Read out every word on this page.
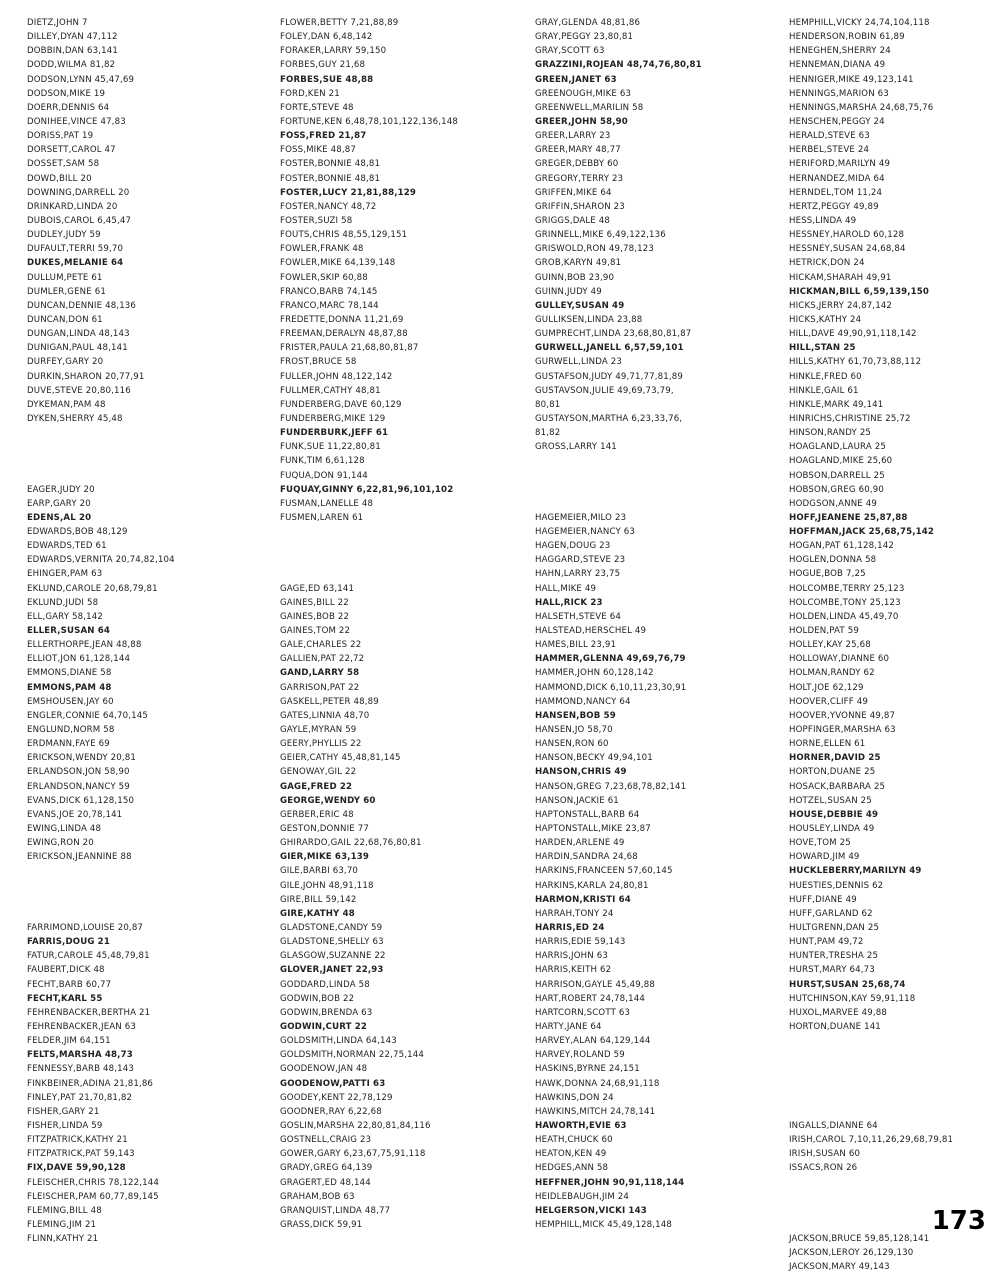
DIETZ,JOHN 7
DILLEY,DYAN 47,112
DOBBIN,DAN 63,141
DODD,WILMA 81,82
DODSON,LYNN 45,47,69
DODSON,MIKE 19
DOERR,DENNIS 64
DONIHEE,VINCE 47,83
DORISS,PAT 19
DORSETT,CAROL 47
DOSSET,SAM 58
DOWD,BILL 20
DOWNING,DARRELL 20
DRINKARD,LINDA 20
DUBOIS,CAROL 6,45,47
DUDLEY,JUDY 59
DUFAULT,TERRI 59,70
DUKES,MELANIE 64
DULLUM,PETE 61
DUMLER,GENE 61
DUNCAN,DENNIE 48,136
DUNCAN,DON 61
DUNGAN,LINDA 48,143
DUNIGAN,PAUL 48,141
DURFEY,GARY 20
DURKIN,SHARON 20,77,91
DUVE,STEVE 20,80,116
DYKEMAN,PAM 48
DYKEN,SHERRY 45,48
EAGER,JUDY 20
EARP,GARY 20
EDENS,AL 20
EDWARDS,BOB 48,129
EDWARDS,TED 61
EDWARDS,VERNITA 20,74,82,104
EHINGER,PAM 63
EKLUND,CAROLE 20,68,79,81
EKLUND,JUDI 58
ELL,GARY 58,142
ELLER,SUSAN 64
ELLERTHORPE,JEAN 48,88
ELLIOT,JON 61,128,144
EMMONS,DIANE 58
EMMONS,PAM 48
EMSHOUSEN,JAY 60
ENGLER,CONNIE 64,70,145
ENGLUND,NORM 58
ERDMANN,FAYE 69
ERICKSON,WENDY 20,81
ERLANDSON,JON 58,90
ERLANDSON,NANCY 59
EVANS,DICK 61,128,150
EVANS,JOE 20,78,141
EWING,LINDA 48
EWING,RON 20
ERICKSON,JEANNINE 88
FARRIMOND,LOUISE 20,87
FARRIS,DOUG 21
FATUR,CAROLE 45,48,79,81
FAUBERT,DICK 48
FECHT,BARB 60,77
FECHT,KARL 55
FEHRENBACKER,BERTHA 21
FEHRENBACKER,JEAN 63
FELDER,JIM 64,151
FELTS,MARSHA 48,73
FENNESSY,BARB 48,143
FINKBEINER,ADINA 21,81,86
FINLEY,PAT 21,70,81,82
FISHER,GARY 21
FISHER,LINDA 59
FITZPATRICK,KATHY 21
FITZPATRICK,PAT 59,143
FIX,DAVE 59,90,128
FLEISCHER,CHRIS 78,122,144
FLEISCHER,PAM 60,77,89,145
FLEMING,BILL 48
FLEMING,JIM 21
FLINN,KATHY 21
FLOWER,BETTY 7,21,88,89
FOLEY,DAN 6,48,142
FORAKER,LARRY 59,150
FORBES,GUY 21,68
FORBES,SUE 48,88
FORD,KEN 21
FORTE,STEVE 48
FORTUNE,KEN 6,48,78,101,122,136,148
FOSS,FRED 21,87
FOSS,MIKE 48,87
FOSTER,BONNIE 48,81
FOSTER,BONNIE 48,81
FOSTER,LUCY 21,81,88,129
FOSTER,NANCY 48,72
FOSTER,SUZI 58
FOUTS,CHRIS 48,55,129,151
FOWLER,FRANK 48
FOWLER,MIKE 64,139,148
FOWLER,SKIP 60,88
FRANCO,BARB 74,145
FRANCO,MARC 78,144
FREDETTE,DONNA 11,21,69
FREEMAN,DERALYN 48,87,88
FRISTER,PAULA 21,68,80,81,87
FROST,BRUCE 58
FULLER,JOHN 48,122,142
FULLMER,CATHY 48,81
FUNDERBERG,DAVE 60,129
FUNDERBERG,MIKE 129
FUNDERBURK,JEFF 61
FUNK,SUE 11,22,80,81
FUNK,TIM 6,61,128
FUQUA,DON 91,144
FUQUAY,GINNY 6,22,81,96,101,102
FUSMAN,LANELLE 48
FUSMEN,LAREN 61
GAGE,ED 63,141
GAINES,BILL 22
GAINES,BOB 22
GAINES,TOM 22
GALE,CHARLES 22
GALLIEN,PAT 22,72
GAND,LARRY 58
GARRISON,PAT 22
GASKELL,PETER 48,89
GATES,LINNIA 48,70
GAYLE,MYRAN 59
GEERY,PHYLLIS 22
GEIER,CATHY 45,48,81,145
GENOWAY,GIL 22
GAGE,FRED 22
GEORGE,WENDY 60
GERBER,ERIC 48
GESTON,DONNIE 77
GHIRARDO,GAIL 22,68,76,80,81
GIER,MIKE 63,139
GILE,BARBI 63,70
GILE,JOHN 48,91,118
GIRE,BILL 59,142
GIRE,KATHY 48
GLADSTONE,CANDY 59
GLADSTONE,SHELLY 63
GLASGOW,SUZANNE 22
GLOVER,JANET 22,93
GODDARD,LINDA 58
GODWIN,BOB 22
GODWIN,BRENDA 63
GODWIN,CURT 22
GOLDSMITH,LINDA 64,143
GOLDSMITH,NORMAN 22,75,144
GOODENOW,JAN 48
GOODENOW,PATTI 63
GOODEY,KENT 22,78,129
GOODNER,RAY 6,22,68
GOSLIN,MARSHA 22,80,81,84,116
GOSTNELL,CRAIG 23
GOWER,GARY 6,23,67,75,91,118
GRADY,GREG 64,139
GRAGERT,ED 48,144
GRAHAM,BOB 63
GRANQUIST,LINDA 48,77
GRASS,DICK 59,91
GRAY,GLENDA 48,81,86
GRAY,PEGGY 23,80,81
GRAY,SCOTT 63
GRAZZINI,ROJEAN 48,74,76,80,81
GREEN,JANET 63
GREENOUGH,MIKE 63
GREENWELL,MARILIN 58
GREER,JOHN 58,90
GREER,LARRY 23
GREER,MARY 48,77
GREGER,DEBBY 60
GREGORY,TERRY 23
GRIFFEN,MIKE 64
GRIFFIN,SHARON 23
GRIGGS,DALE 48
GRINNELL,MIKE 6,49,122,136
GRISWOLD,RON 49,78,123
GROB,KARYN 49,81
GUINN,BOB 23,90
GUINN,JUDY 49
GULLEY,SUSAN 49
GULLIKSEN,LINDA 23,88
GUMPRECHT,LINDA 23,68,80,81,87
GURWELL,JANELL 6,57,59,101
GURWELL,LINDA 23
GUSTAFSON,JUDY 49,71,77,81,89
GUSTAVSON,JULIE 49,69,73,79,
80,81
GUSTAYSON,MARTHA 6,23,33,76,
81,82
GROSS,LARRY 141
HAGEMEIER,MILO 23
HAGEMEIER,NANCY 63
HAGEN,DOUG 23
HAGGARD,STEVE 23
HAHN,LARRY 23,75
HALL,MIKE 49
HALL,RICK 23
HALSETH,STEVE 64
HALSTEAD,HERSCHEL 49
HAMES,BILL 23,91
HAMMER,GLENNA 49,69,76,79
HAMMER,JOHN 60,128,142
HAMMOND,DICK 6,10,11,23,30,91
HAMMOND,NANCY 64
HANSEN,BOB 59
HANSEN,JO 58,70
HANSEN,RON 60
HANSON,BECKY 49,94,101
HANSON,CHRIS 49
HANSON,GREG 7,23,68,78,82,141
HANSON,JACKIE 61
HAPTONSTALL,BARB 64
HAPTONSTALL,MIKE 23,87
HARDEN,ARLENE 49
HARDIN,SANDRA 24,68
HARKINS,FRANCEEN 57,60,145
HARKINS,KARLA 24,80,81
HARMON,KRISTI 64
HARRAH,TONY 24
HARRIS,ED 24
HARRIS,EDIE 59,143
HARRIS,JOHN 63
HARRIS,KEITH 62
HARRISON,GAYLE 45,49,88
HART,ROBERT 24,78,144
HARTCORN,SCOTT 63
HARTY,JANE 64
HARVEY,ALAN 64,129,144
HARVEY,ROLAND 59
HASKINS,BYRNE 24,151
HAWK,DONNA 24,68,91,118
HAWKINS,DON 24
HAWKINS,MITCH 24,78,141
HAWORTH,EVIE 63
HEATH,CHUCK 60
HEATON,KEN 49
HEDGES,ANN 58
HEFFNER,JOHN 90,91,118,144
HEIDLEBAUGH,JIM 24
HELGERSON,VICKI 143
HEMPHILL,MICK 45,49,128,148
HEMPHILL,VICKY 24,74,104,118
HENDERSON,ROBIN 61,89
HENEGHEN,SHERRY 24
HENNEMAN,DIANA 49
HENNIGER,MIKE 49,123,141
HENNINGS,MARION 63
HENNINGS,MARSHA 24,68,75,76
HENSCHEN,PEGGY 24
HERALD,STEVE 63
HERBEL,STEVE 24
HERIFORD,MARILYN 49
HERNANDEZ,MIDA 64
HERNDEL,TOM 11,24
HERTZ,PEGGY 49,89
HESS,LINDA 49
HESSNEY,HAROLD 60,128
HESSNEY,SUSAN 24,68,84
HETRICK,DON 24
HICKAM,SHARAH 49,91
HICKMAN,BILL 6,59,139,150
HICKS,JERRY 24,87,142
HICKS,KATHY 24
HILL,DAVE 49,90,91,118,142
HILL,STAN 25
HILLS,KATHY 61,70,73,88,112
HINKLE,FRED 60
HINKLE,GAIL 61
HINKLE,MARK 49,141
HINRICHS,CHRISTINE 25,72
HINSON,RANDY 25
HOAGLAND,LAURA 25
HOAGLAND,MIKE 25,60
HOBSON,DARRELL 25
HOBSON,GREG 60,90
HODGSON,ANNE 49
HOFF,JEANENE 25,87,88
HOFFMAN,JACK 25,68,75,142
HOGAN,PAT 61,128,142
HOGLEN,DONNA 58
HOGUE,BOB 7,25
HOLCOMBE,TERRY 25,123
HOLCOMBE,TONY 25,123
HOLDEN,LINDA 45,49,70
HOLDEN,PAT 59
HOLLEY,KAY 25,68
HOLLOWAY,DIANNE 60
HOLMAN,RANDY 62
HOLT,JOE 62,129
HOOVER,CLIFF 49
HOOVER,YVONNE 49,87
HOPFINGER,MARSHA 63
HORNE,ELLEN 61
HORNER,DAVID 25
HORTON,DUANE 25
HOSACK,BARBARA 25
HOTZEL,SUSAN 25
HOUSE,DEBBIE 49
HOUSLEY,LINDA 49
HOVE,TOM 25
HOWARD,JIM 49
HUCKLEBERRY,MARILYN 49
HUESTIES,DENNIS 62
HUFF,DIANE 49
HUFF,GARLAND 62
HULTGRENN,DAN 25
HUNT,PAM 49,72
HUNTER,TRESHA 25
HURST,MARY 64,73
HURST,SUSAN 25,68,74
HUTCHINSON,KAY 59,91,118
HUXOL,MARVEE 49,88
HORTON,DUANE 141
INGALLS,DIANNE 64
IRISH,CAROL 7,10,11,26,29,68,79,81
IRISH,SUSAN 60
ISSACS,RON 26
JACKSON,BRUCE 59,85,128,141
JACKSON,LEROY 26,129,130
JACKSON,MARY 49,143
173
